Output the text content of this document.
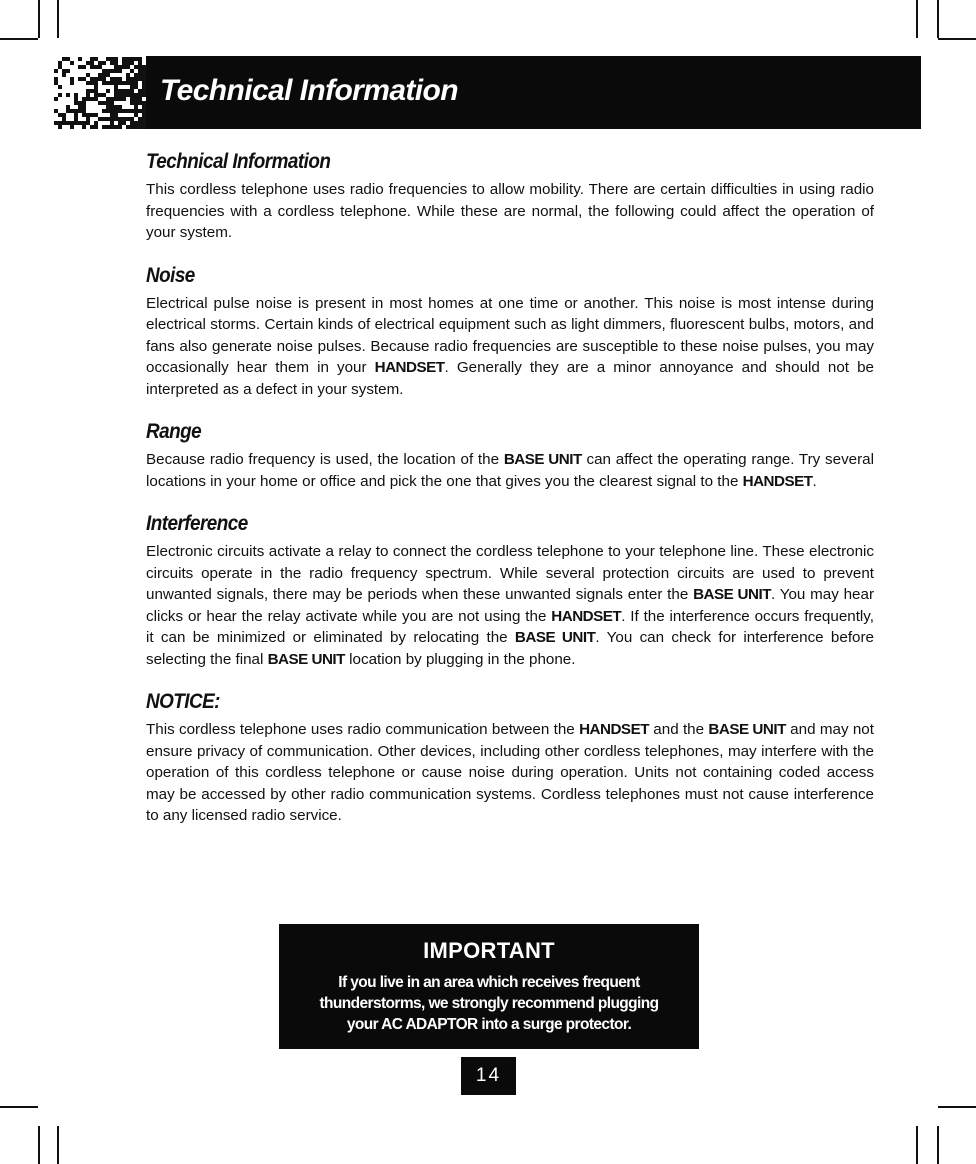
Technical Information
Technical Information

This cordless telephone uses radio frequencies to allow mobility. There are certain difficulties in using radio frequencies with a cordless telephone. While these are normal, the following could affect the operation of your system.

Noise

Electrical pulse noise is present in most homes at one time or another. This noise is most intense during electrical storms. Certain kinds of electrical equipment such as light dimmers, fluorescent bulbs, motors, and fans also generate noise pulses. Because radio frequencies are susceptible to these noise pulses, you may occasionally hear them in your HANDSET. Generally they are a minor annoyance and should not be interpreted as a defect in your system.

Range

Because radio frequency is used, the location of the BASE UNIT can affect the operating range. Try several locations in your home or office and pick the one that gives you the clearest signal to the HANDSET.

Interference

Electronic circuits activate a relay to connect the cordless telephone to your telephone line. These electronic circuits operate in the radio frequency spectrum. While several protection circuits are used to prevent unwanted signals, there may be periods when these unwanted signals enter the BASE UNIT. You may hear clicks or hear the relay activate while you are not using the HANDSET. If the interference occurs frequently, it can be minimized or eliminated by relocating the BASE UNIT. You can check for interference before selecting the final BASE UNIT location by plugging in the phone.

NOTICE:

This cordless telephone uses radio communication between the HANDSET and the BASE UNIT and may not ensure privacy of communication. Other devices, including other cordless telephones, may interfere with the operation of this cordless telephone or cause noise during operation. Units not containing coded access may be accessed by other radio communication systems. Cordless telephones must not cause interference to any licensed radio service.

IMPORTANT
If you live in an area which receives frequent
thunderstorms, we strongly recommend plugging
your AC ADAPTOR into a surge protector.
14
